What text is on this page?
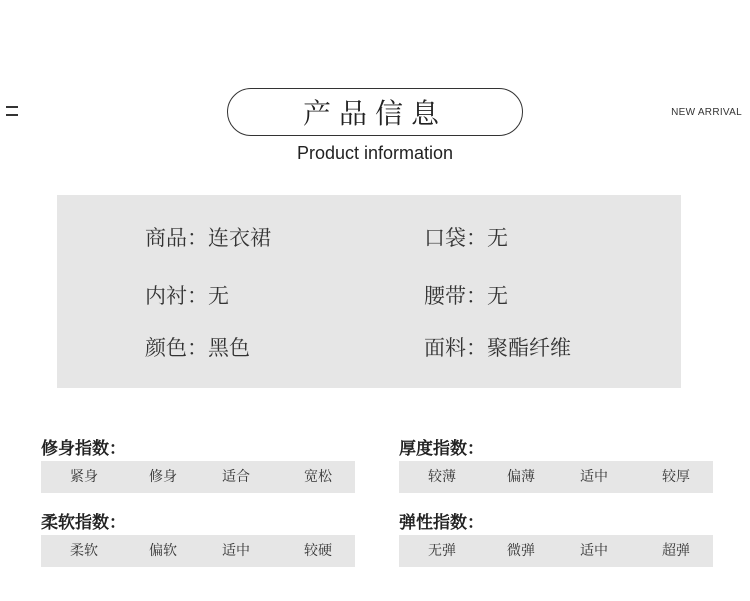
产品信息
Product information
NEW ARRIVAL
商品：连衣裙	口袋：无
内衬：无	腰带：无
颜色：黑色	面料：聚酯纤维
修身指数：
紧身	修身	适合	宽松
厚度指数：
较薄	偏薄	适中	较厚
柔软指数：
柔软	偏软	适中	较硬
弹性指数：
无弹	微弹	适中	超弹
